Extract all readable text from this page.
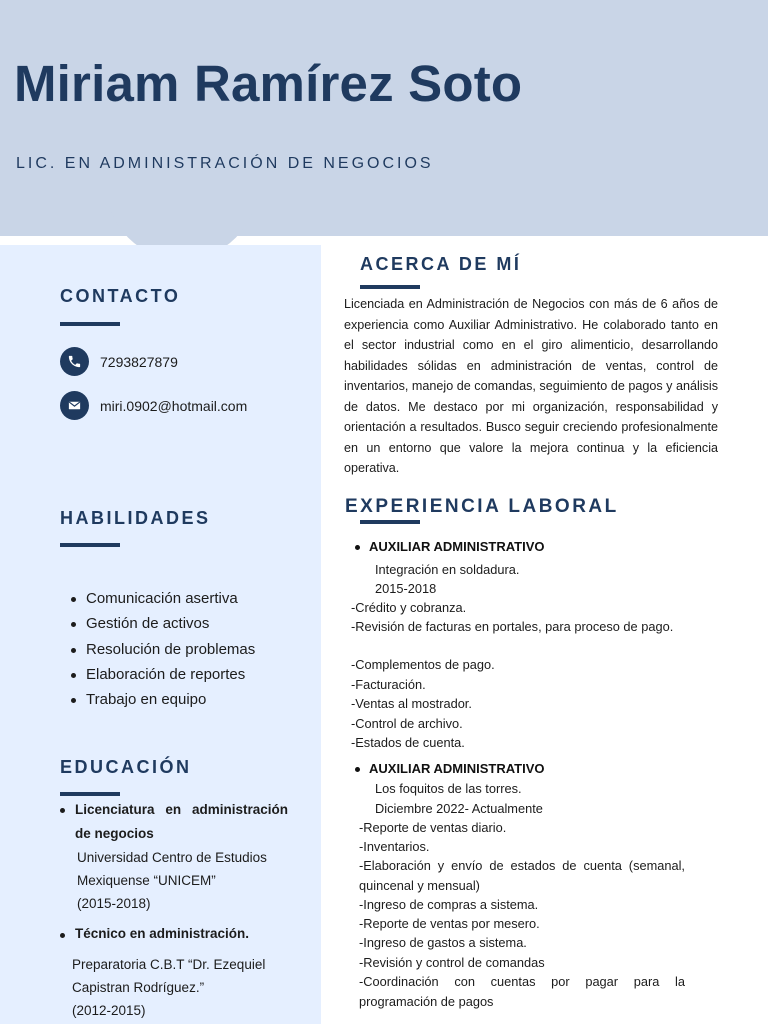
Miriam Ramírez Soto
LIC. EN ADMINISTRACIÓN DE NEGOCIOS
CONTACTO
7293827879
miri.0902@hotmail.com
HABILIDADES
Comunicación asertiva
Gestión de activos
Resolución de problemas
Elaboración de reportes
Trabajo en equipo
EDUCACIÓN
Licenciatura en administración
de negocios
Universidad Centro de Estudios
Mexiquense “UNICEM”
(2015-2018)
Técnico en administración.
Preparatoria C.B.T “Dr. Ezequiel
Capistran Rodríguez.”
(2012-2015)
ACERCA DE MÍ
Licenciada en Administración de Negocios con más de 6 años de experiencia como Auxiliar Administrativo. He colaborado tanto en el sector industrial como en el giro alimenticio, desarrollando habilidades sólidas en administración de ventas, control de inventarios, manejo de comandas, seguimiento de pagos y análisis de datos. Me destaco por mi organización, responsabilidad y orientación a resultados. Busco seguir creciendo profesionalmente en un entorno que valore la mejora continua y la eficiencia operativa.
EXPERIENCIA LABORAL
AUXILIAR ADMINISTRATIVO
Integración en soldadura.
2015-2018
-Crédito y cobranza.
-Revisión de facturas en portales, para proceso de pago.
-Complementos de pago.
-Facturación.
-Ventas al mostrador.
-Control de archivo.
-Estados de cuenta.
AUXILIAR ADMINISTRATIVO
Los foquitos de las torres.
Diciembre 2022- Actualmente
-Reporte de ventas diario.
-Inventarios.
-Elaboración y envío de estados de cuenta (semanal, quincenal y mensual)
-Ingreso de compras a sistema.
-Reporte de ventas por mesero.
-Ingreso de gastos a sistema.
-Revisión y control de comandas
-Coordinación con cuentas por pagar para la programación de pagos
